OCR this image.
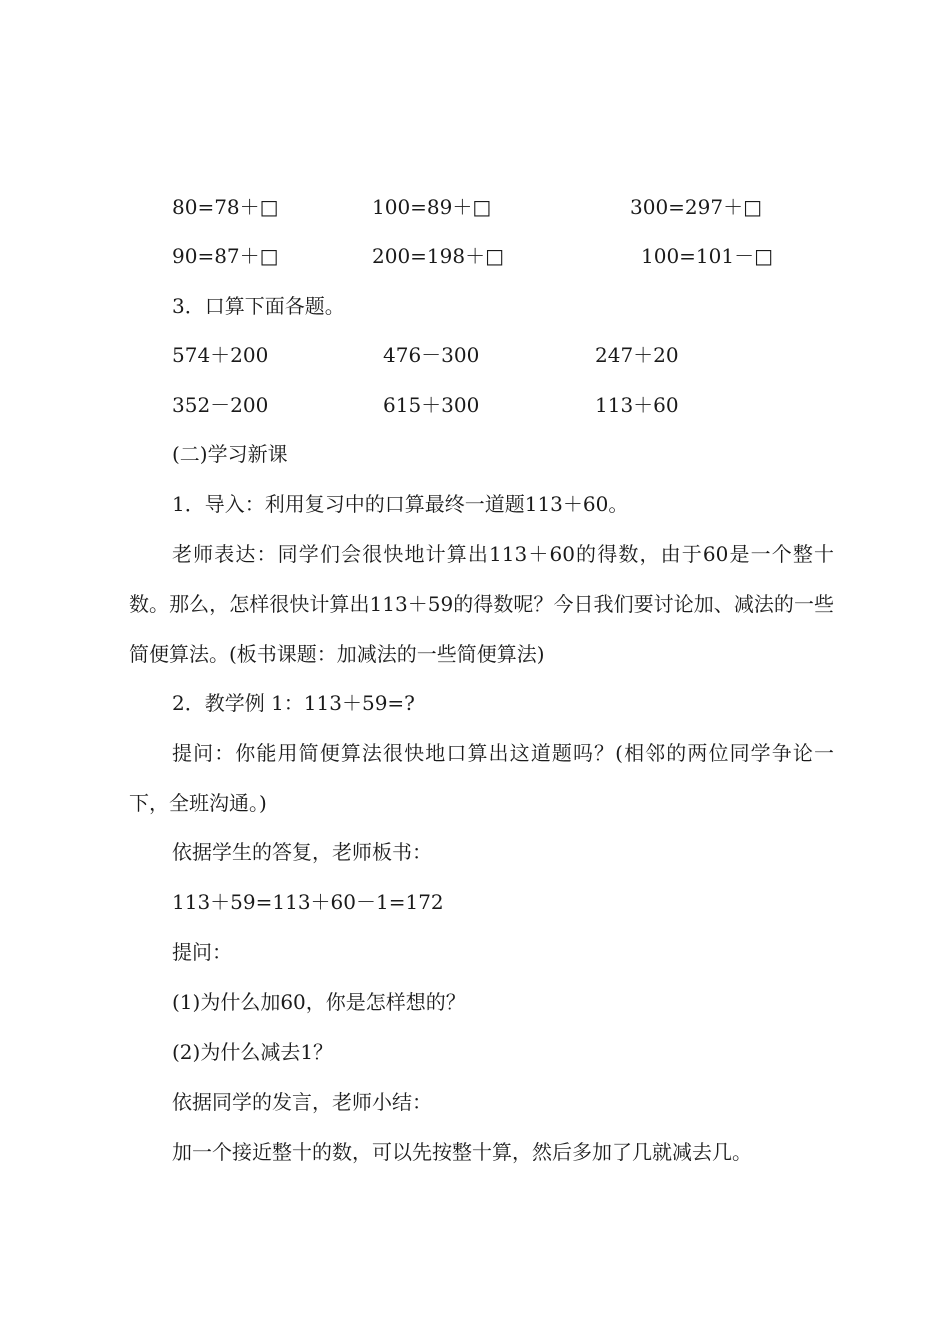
80=78＋□	100=89＋□	300=297＋□
90=87＋□	200=198＋□	100=101－□
3．口算下面各题。
574＋200	476－300	247＋20
352－200	615＋300	113＋60
(二)学习新课
1．导入：利用复习中的口算最终一道题113＋60。
老师表达：同学们会很快地计算出113＋60的得数，由于60是一个整十数。那么，怎样很快计算出113＋59的得数呢？今日我们要讨论加、减法的一些简便算法。(板书课题：加减法的一些简便算法)
2．教学例 1：113＋59=?
提问：你能用简便算法很快地口算出这道题吗？(相邻的两位同学争论一下，全班沟通。)
依据学生的答复，老师板书：
113＋59=113＋60－1=172
提问：
(1)为什么加60，你是怎样想的？
(2)为什么减去1？
依据同学的发言，老师小结：
加一个接近整十的数，可以先按整十算，然后多加了几就减去几。
